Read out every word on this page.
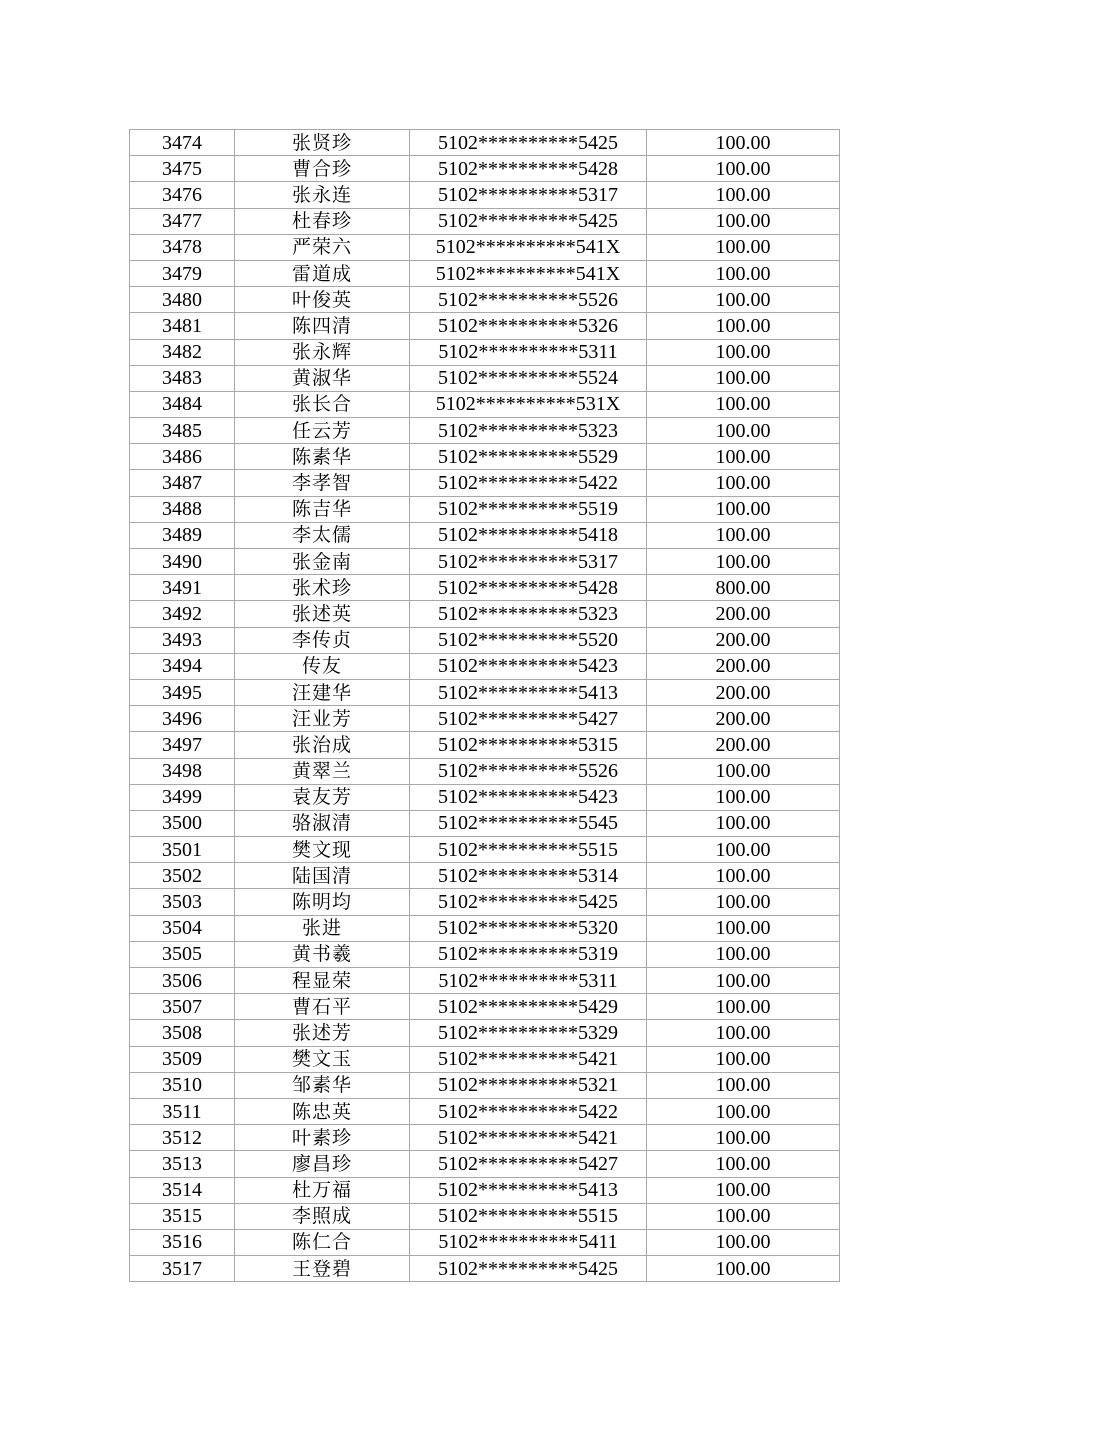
3474	张贤珍	5102**********5425	100.00
3475	曹合珍	5102**********5428	100.00
3476	张永连	5102**********5317	100.00
3477	杜春珍	5102**********5425	100.00
3478	严荣六	5102**********541X	100.00
3479	雷道成	5102**********541X	100.00
3480	叶俊英	5102**********5526	100.00
3481	陈四清	5102**********5326	100.00
3482	张永辉	5102**********5311	100.00
3483	黄淑华	5102**********5524	100.00
3484	张长合	5102**********531X	100.00
3485	任云芳	5102**********5323	100.00
3486	陈素华	5102**********5529	100.00
3487	李孝智	5102**********5422	100.00
3488	陈吉华	5102**********5519	100.00
3489	李太儒	5102**********5418	100.00
3490	张金南	5102**********5317	100.00
3491	张术珍	5102**********5428	800.00
3492	张述英	5102**********5323	200.00
3493	李传贞	5102**********5520	200.00
3494	传友	5102**********5423	200.00
3495	汪建华	5102**********5413	200.00
3496	汪业芳	5102**********5427	200.00
3497	张治成	5102**********5315	200.00
3498	黄翠兰	5102**********5526	100.00
3499	袁友芳	5102**********5423	100.00
3500	骆淑清	5102**********5545	100.00
3501	樊文现	5102**********5515	100.00
3502	陆国清	5102**********5314	100.00
3503	陈明均	5102**********5425	100.00
3504	张进	5102**********5320	100.00
3505	黄书羲	5102**********5319	100.00
3506	程显荣	5102**********5311	100.00
3507	曹石平	5102**********5429	100.00
3508	张述芳	5102**********5329	100.00
3509	樊文玉	5102**********5421	100.00
3510	邹素华	5102**********5321	100.00
3511	陈忠英	5102**********5422	100.00
3512	叶素珍	5102**********5421	100.00
3513	廖昌珍	5102**********5427	100.00
3514	杜万福	5102**********5413	100.00
3515	李照成	5102**********5515	100.00
3516	陈仁合	5102**********5411	100.00
3517	王登碧	5102**********5425	100.00
